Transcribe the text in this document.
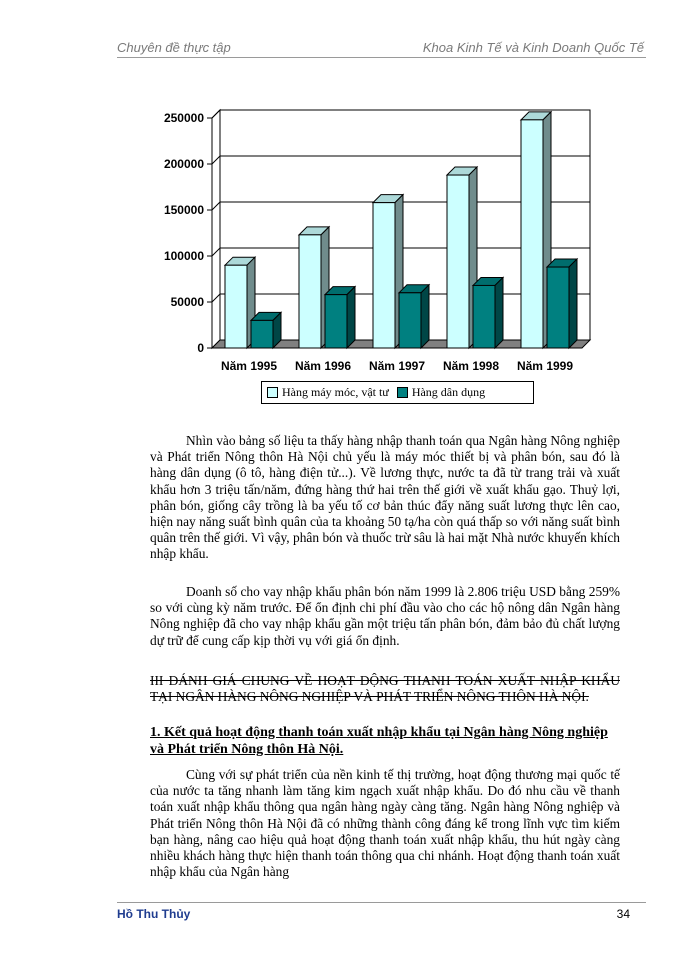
Chuyên đề thực tập	Khoa Kinh Tế và Kinh Doanh Quốc Tế
0
50000
100000
150000
200000
250000
Năm 1995 Năm 1996 Năm 1997 Năm 1998 Năm 1999
Hàng máy móc, vật tư Hàng dân dụng

Nhìn vào bảng số liệu ta thấy hàng nhập thanh toán qua Ngân hàng Nông nghiệp và Phát triển Nông thôn Hà Nội chủ yếu là máy móc thiết bị và phân bón, sau đó là hàng dân dụng (ô tô, hàng điện tử...). Về lương thực, nước ta đã từ trang trải và xuất khẩu hơn 3 triệu tấn/năm, đứng hàng thứ hai trên thế giới về xuất khẩu gạo. Thuỷ lợi, phân bón, giống cây trồng là ba yếu tố cơ bản thúc đẩy năng suất lương thực lên cao, hiện nay năng suất bình quân của ta khoảng 50 tạ/ha còn quá thấp so với năng suất bình quân trên thế giới. Vì vậy, phân bón và thuốc trừ sâu là hai mặt Nhà nước khuyến khích nhập khẩu.

Doanh số cho vay nhập khẩu phân bón năm 1999 là 2.806 triệu USD bằng 259% so với cùng kỳ năm trước. Để ổn định chi phí đầu vào cho các hộ nông dân Ngân hàng Nông nghiệp đã cho vay nhập khẩu gần một triệu tấn phân bón, đảm bảo đủ chất lượng dự trữ để cung cấp kịp thời vụ với giá ổn định.

III ĐÁNH GIÁ CHUNG VỀ HOẠT ĐỘNG THANH TOÁN XUẤT NHẬP KHẨU TẠI NGÂN HÀNG NÔNG NGHIỆP VÀ PHÁT TRIỂN NÔNG THÔN HÀ NỘI.
1. Kết quả hoạt động thanh toán xuất nhập khẩu tại Ngân hàng Nông nghiệp và Phát triển Nông thôn Hà Nội.

Cùng với sự phát triển của nền kinh tế thị trường, hoạt động thương mại quốc tế của nước ta tăng nhanh làm tăng kim ngạch xuất nhập khẩu. Do đó nhu cầu về thanh toán xuất nhập khẩu thông qua ngân hàng ngày càng tăng. Ngân hàng Nông nghiệp và Phát triển Nông thôn Hà Nội đã có những thành công đáng kể trong lĩnh vực tìm kiếm bạn hàng, nâng cao hiệu quả hoạt động thanh toán xuất nhập khẩu, thu hút ngày càng nhiều khách hàng thực hiện thanh toán thông qua chi nhánh. Hoạt động thanh toán xuất nhập khẩu của Ngân hàng

Hồ Thu Thủy	34
